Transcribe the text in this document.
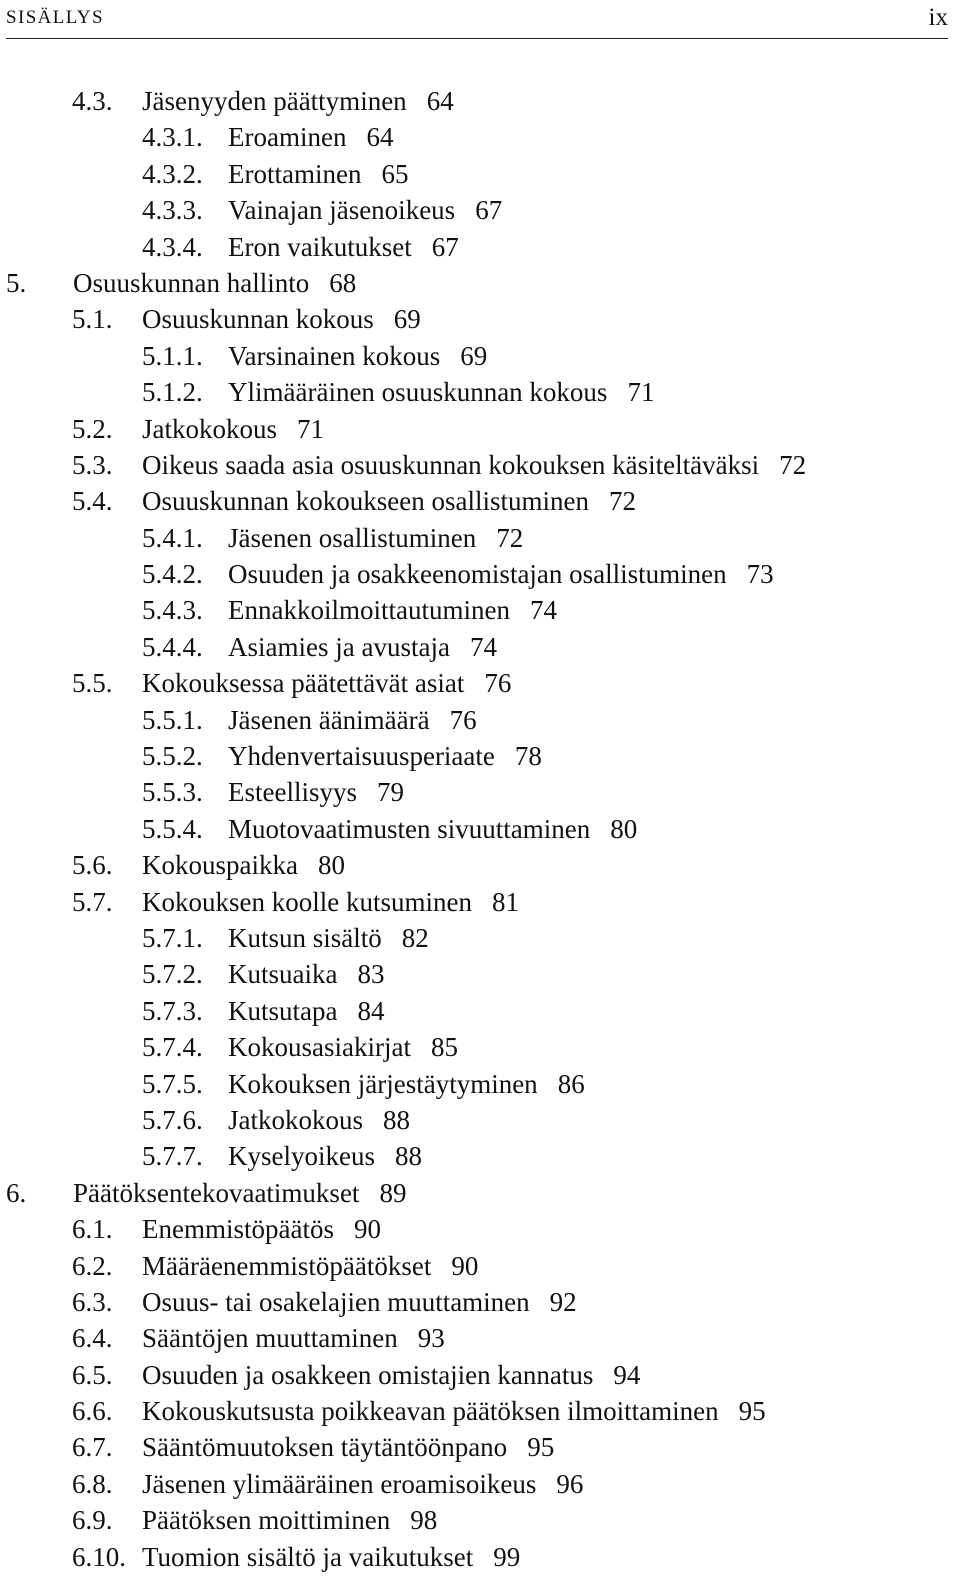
SISÄLLYS	ix
4.3. Jäsenyyden päättyminen 64
4.3.1. Eroaminen 64
4.3.2. Erottaminen 65
4.3.3. Vainajan jäsenoikeus 67
4.3.4. Eron vaikutukset 67
5. Osuuskunnan hallinto 68
5.1. Osuuskunnan kokous 69
5.1.1. Varsinainen kokous 69
5.1.2. Ylimääräinen osuuskunnan kokous 71
5.2. Jatkokokous 71
5.3. Oikeus saada asia osuuskunnan kokouksen käsiteltäväksi 72
5.4. Osuuskunnan kokoukseen osallistuminen 72
5.4.1. Jäsenen osallistuminen 72
5.4.2. Osuuden ja osakkeenomistajan osallistuminen 73
5.4.3. Ennakkoilmoittautuminen 74
5.4.4. Asiamies ja avustaja 74
5.5. Kokouksessa päätettävät asiat 76
5.5.1. Jäsenen äänimäärä 76
5.5.2. Yhdenvertaisuusperiaate 78
5.5.3. Esteellisyys 79
5.5.4. Muotovaatimusten sivuuttaminen 80
5.6. Kokouspaikka 80
5.7. Kokouksen koolle kutsuminen 81
5.7.1. Kutsun sisältö 82
5.7.2. Kutsuaika 83
5.7.3. Kutsutapa 84
5.7.4. Kokousasiakirjat 85
5.7.5. Kokouksen järjestäytyminen 86
5.7.6. Jatkokokous 88
5.7.7. Kyselyoikeus 88
6. Päätöksentekovaatimukset 89
6.1. Enemmistöpäätös 90
6.2. Määräenemmistöpäätökset 90
6.3. Osuus- tai osakelajien muuttaminen 92
6.4. Sääntöjen muuttaminen 93
6.5. Osuuden ja osakkeen omistajien kannatus 94
6.6. Kokouskutsusta poikkeavan päätöksen ilmoittaminen 95
6.7. Sääntömuutoksen täytäntöönpano 95
6.8. Jäsenen ylimääräinen eroamisoikeus 96
6.9. Päätöksen moittiminen 98
6.10. Tuomion sisältö ja vaikutukset 99
